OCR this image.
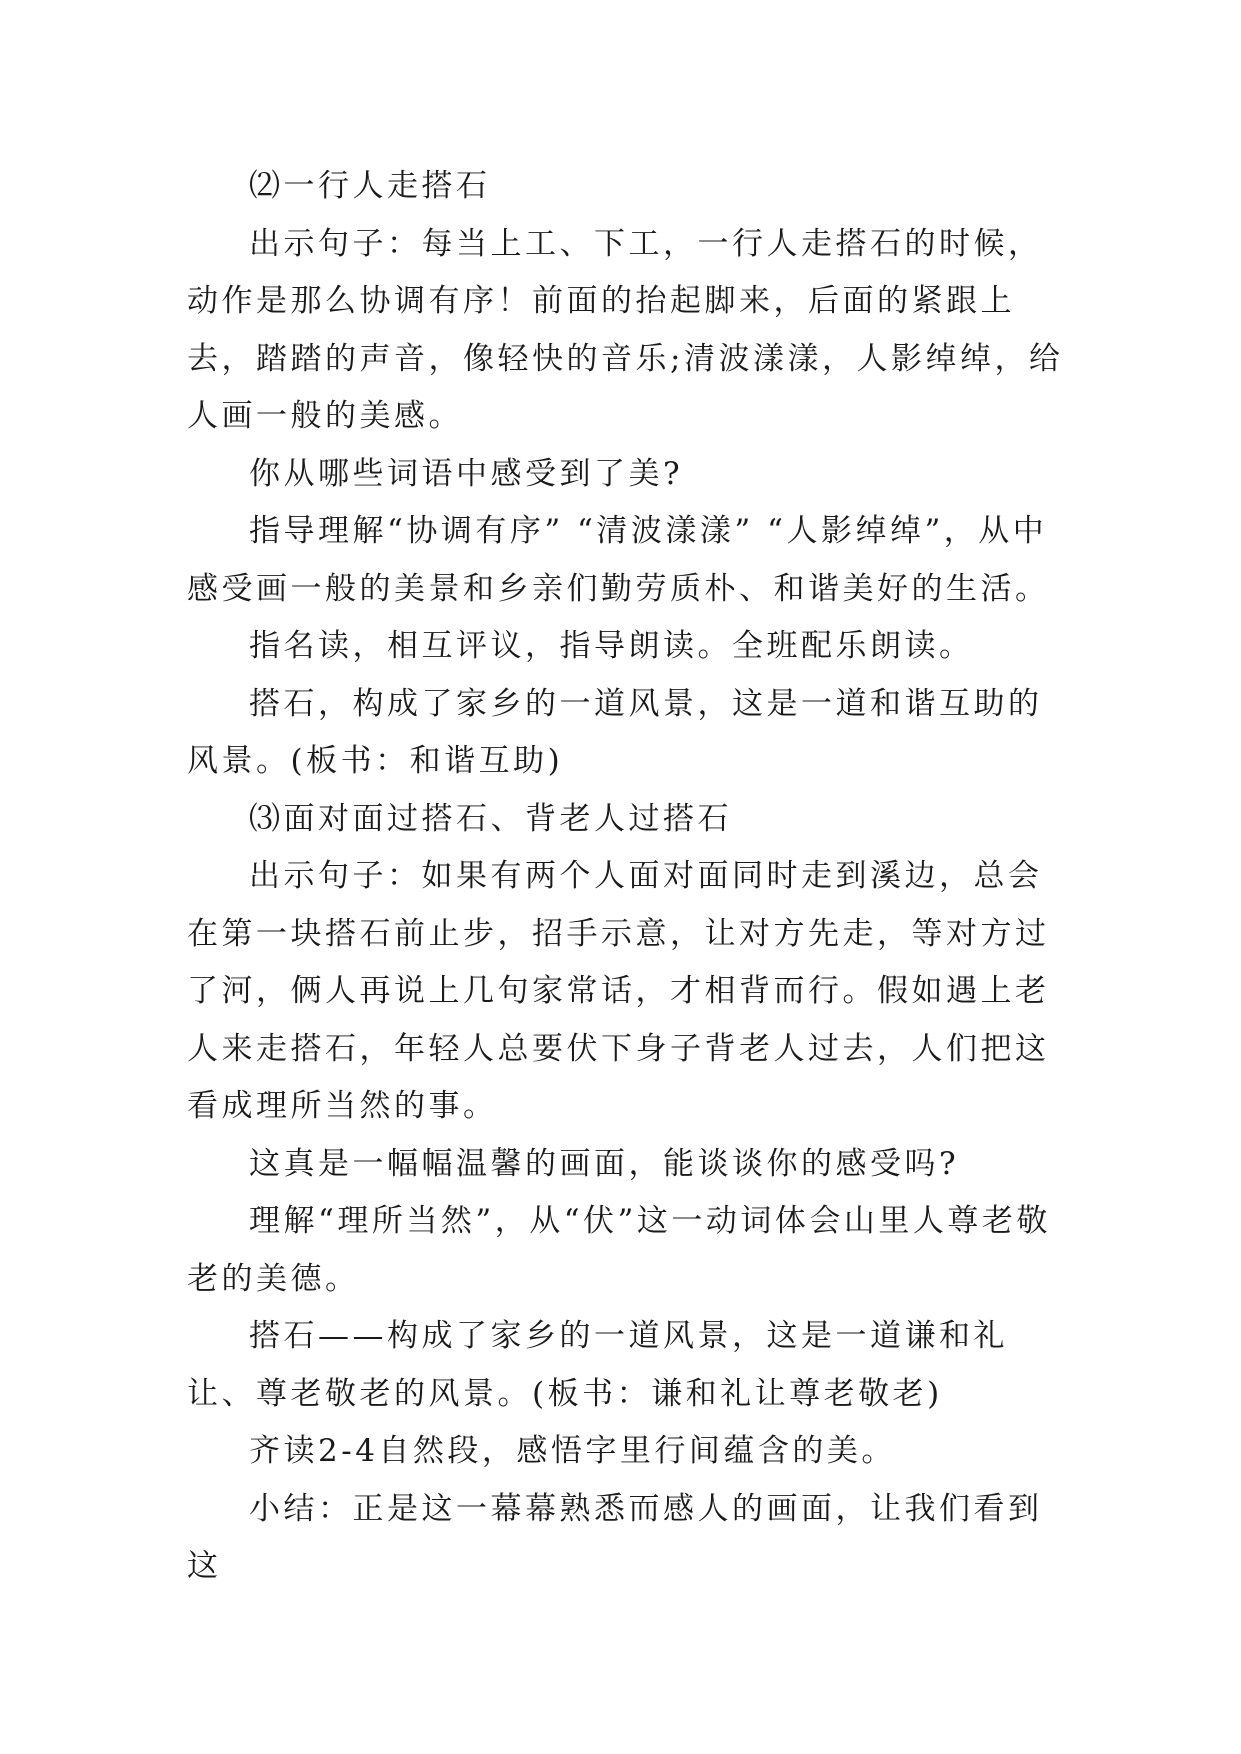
⑵一行人走搭石

出示句子：每当上工、下工，一行人走搭石的时候，动作是那么协调有序！前面的抬起脚来，后面的紧跟上去，踏踏的声音，像轻快的音乐;清波漾漾，人影绰绰，给人画一般的美感。

你从哪些词语中感受到了美?

指导理解“协调有序” “清波漾漾” “人影绰绰”，从中感受画一般的美景和乡亲们勤劳质朴、和谐美好的生活。

指名读，相互评议，指导朗读。全班配乐朗读。

搭石，构成了家乡的一道风景，这是一道和谐互助的风景。(板书：和谐互助)

⑶面对面过搭石、背老人过搭石

出示句子：如果有两个人面对面同时走到溪边，总会在第一块搭石前止步，招手示意，让对方先走，等对方过了河，俩人再说上几句家常话，才相背而行。假如遇上老人来走搭石，年轻人总要伏下身子背老人过去，人们把这看成理所当然的事。

这真是一幅幅温馨的画面，能谈谈你的感受吗?

理解“理所当然”，从“伏”这一动词体会山里人尊老敬老的美德。

搭石——构成了家乡的一道风景，这是一道谦和礼让、尊老敬老的风景。(板书：谦和礼让尊老敬老)

齐读2-4自然段，感悟字里行间蕴含的美。

小结：正是这一幕幕熟悉而感人的画面，让我们看到这
